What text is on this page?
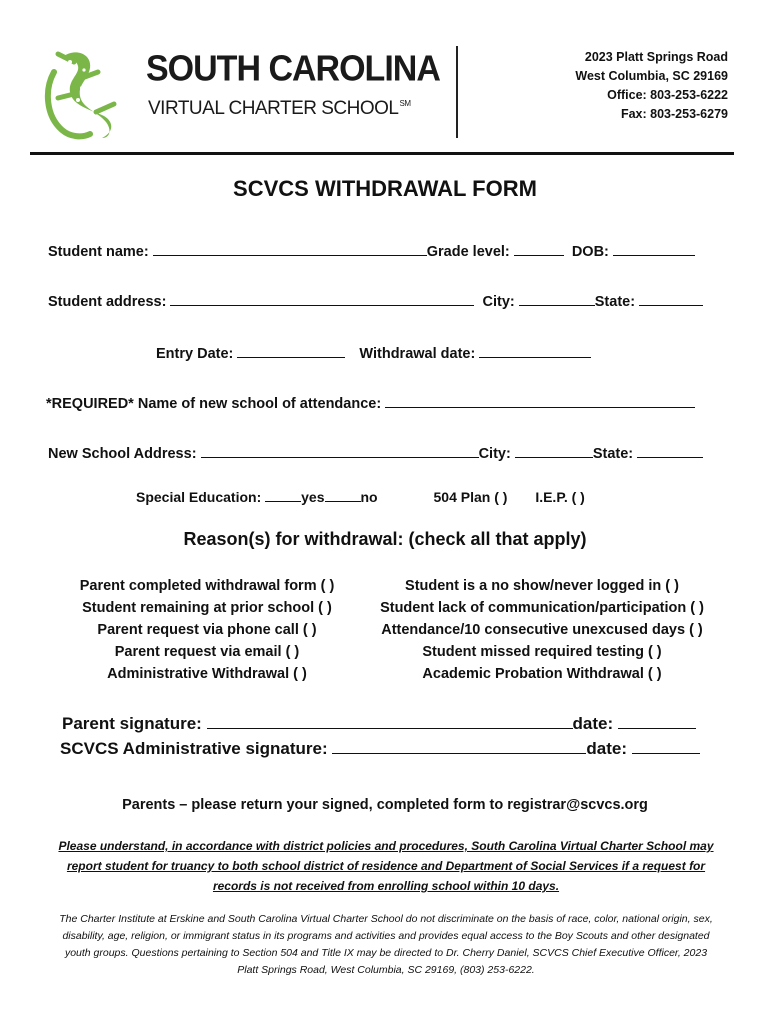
SOUTH CAROLINA
VIRTUAL CHARTER SCHOOL℠
2023 Platt Springs Road
West Columbia, SC 29169
Office: 803-253-6222
Fax: 803-253-6279
SCVCS WITHDRAWAL FORM
Student name:	Grade level:	DOB:
Student address:	City:	State:
Entry Date:	Withdrawal date:
*REQUIRED* Name of new school of attendance:
New School Address:	City:	State:
Special Education:	yes	no	504 Plan ( ) I.E.P. ( )
Reason(s) for withdrawal: (check all that apply)
Parent completed withdrawal form ( )
Student remaining at prior school ( )
Parent request via phone call ( )
Parent request via email ( )
Administrative Withdrawal ( )
Student is a no show/never logged in ( )
Student lack of communication/participation ( )
Attendance/10 consecutive unexcused days ( )
Student missed required testing ( )
Academic Probation Withdrawal ( )
Parent signature:	date:
SCVCS Administrative signature:	date:
Parents – please return your signed, completed form to registrar@scvcs.org
Please understand, in accordance with district policies and procedures, South Carolina Virtual Charter School may report student for truancy to both school district of residence and Department of Social Services if a request for records is not received from enrolling school within 10 days.
The Charter Institute at Erskine and South Carolina Virtual Charter School do not discriminate on the basis of race, color, national origin, sex, disability, age, religion, or immigrant status in its programs and activities and provides equal access to the Boy Scouts and other designated youth groups. Questions pertaining to Section 504 and Title IX may be directed to Dr. Cherry Daniel, SCVCS Chief Executive Officer, 2023 Platt Springs Road, West Columbia, SC 29169, (803) 253-6222.
